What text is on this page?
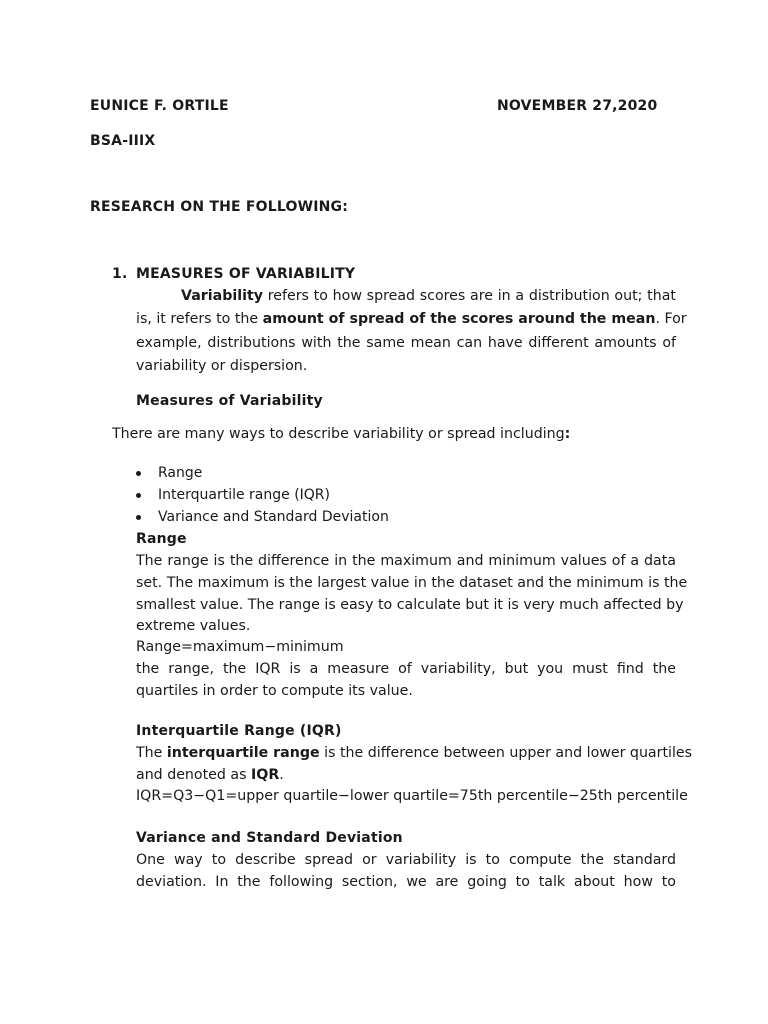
EUNICE F. ORTILE	NOVEMBER 27,2020
BSA-IIIX
RESEARCH ON THE FOLLOWING:
1. MEASURES OF VARIABILITY
Variability refers to how spread scores are in a distribution out; that
is, it refers to the amount of spread of the scores around the mean. For
example, distributions with the same mean can have different amounts of
variability or dispersion.
Measures of Variability
There are many ways to describe variability or spread including:
Range
Interquartile range (IQR)
Variance and Standard Deviation
Range
The range is the difference in the maximum and minimum values of a data
set. The maximum is the largest value in the dataset and the minimum is the
smallest value. The range is easy to calculate but it is very much affected by
extreme values.
Range=maximum−minimum
the range, the IQR is a measure of variability, but you must find the
quartiles in order to compute its value.
Interquartile Range (IQR)
The interquartile range is the difference between upper and lower quartiles
and denoted as IQR.
IQR=Q3−Q1=upper quartile−lower quartile=75th percentile−25th percentile
Variance and Standard Deviation
One way to describe spread or variability is to compute the standard
deviation. In the following section, we are going to talk about how to
